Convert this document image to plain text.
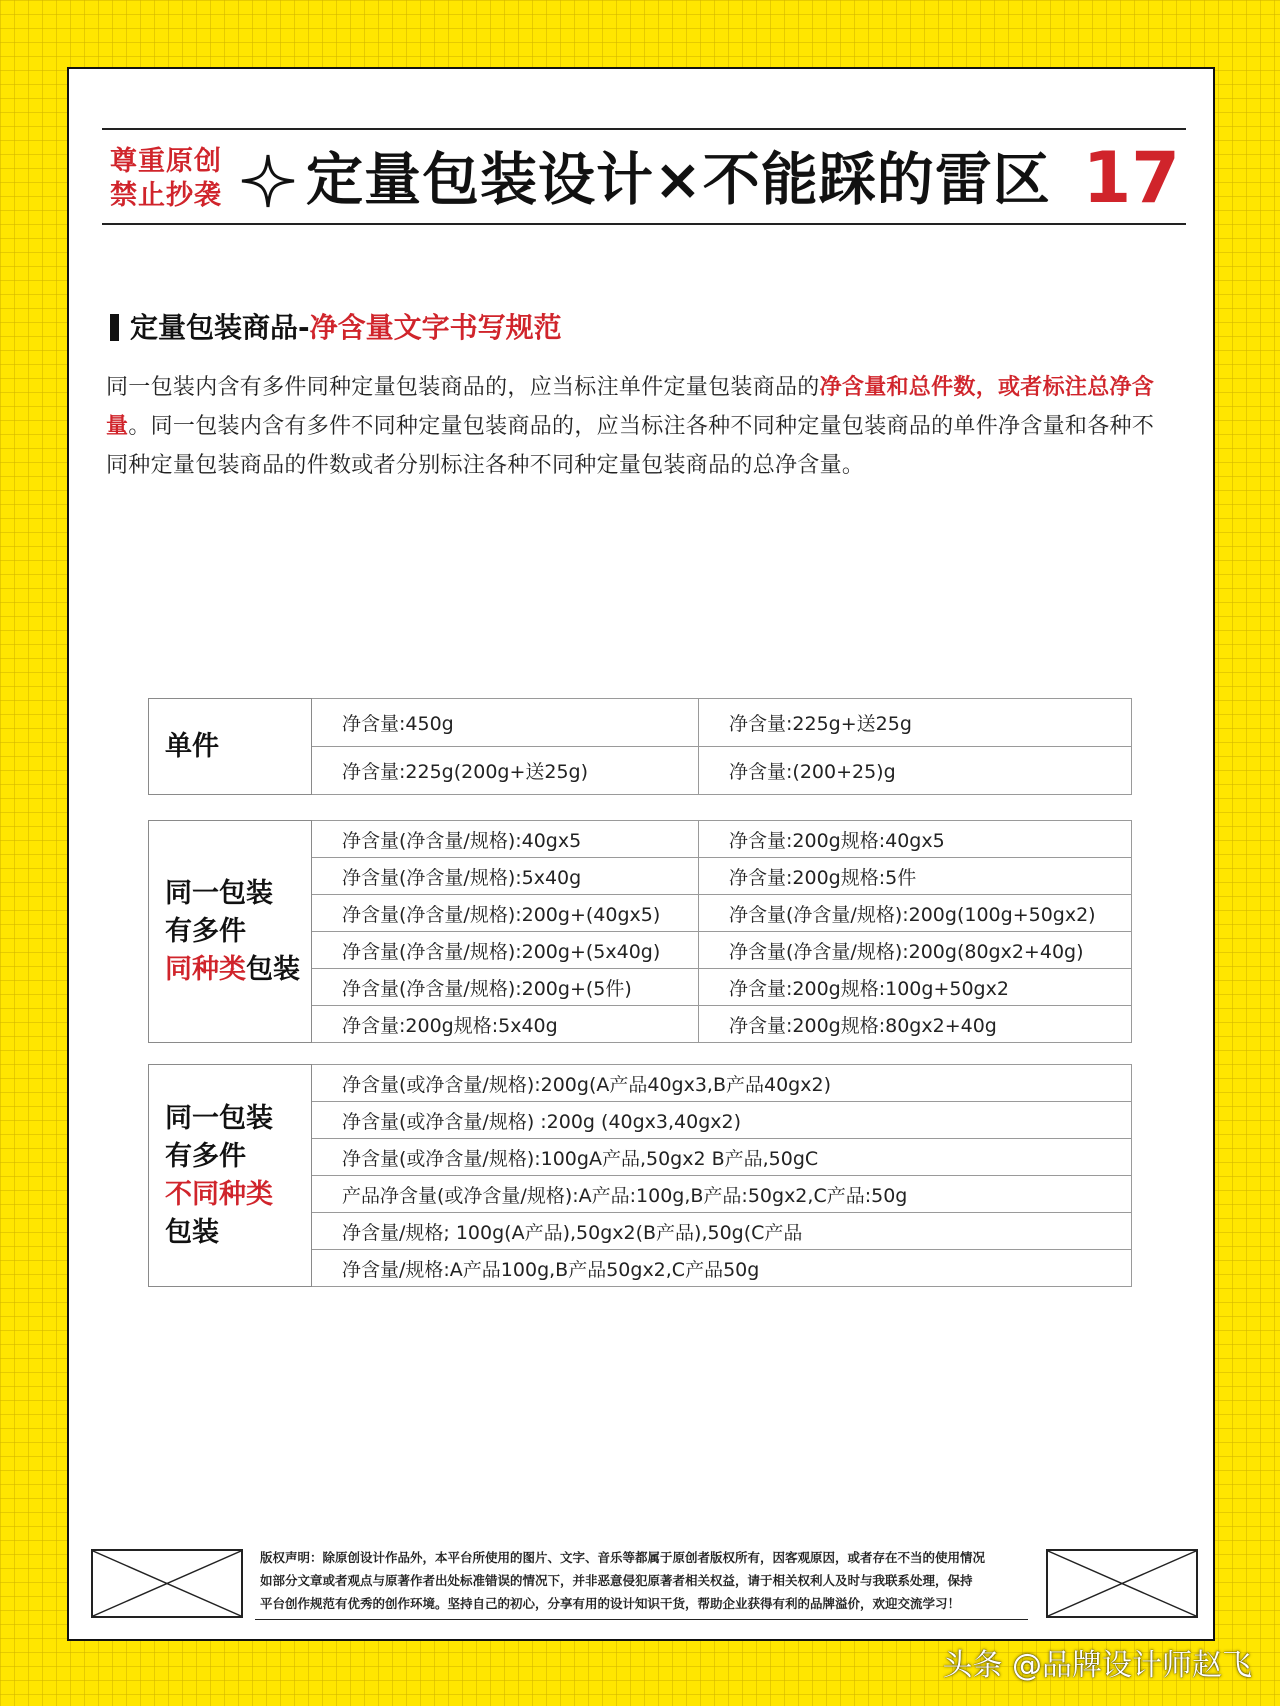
尊重原创
禁止抄袭 定量包装设计×不能踩的雷区 17
定量包装商品-净含量文字书写规范
同一包装内含有多件同种定量包装商品的，应当标注单件定量包装商品的净含量和总件数，或者标注总净含量。同一包装内含有多件不同种定量包装商品的，应当标注各种不同种定量包装商品的单件净含量和各种不同种定量包装商品的件数或者分别标注各种不同种定量包装商品的总净含量。
单件	净含量:450g	净含量:225g+送25g
	净含量:225g(200g+送25g)	净含量:(200+25)g
同一包装
有多件
同种类包装	净含量(净含量/规格):40gx5	净含量:200g规格:40gx5
	净含量(净含量/规格):5x40g	净含量:200g规格:5件
	净含量(净含量/规格):200g+(40gx5)	净含量(净含量/规格):200g(100g+50gx2)
	净含量(净含量/规格):200g+(5x40g)	净含量(净含量/规格):200g(80gx2+40g)
	净含量(净含量/规格):200g+(5件)	净含量:200g规格:100g+50gx2
	净含量:200g规格:5x40g	净含量:200g规格:80gx2+40g
同一包装
有多件
不同种类
包装
	净含量(或净含量/规格):200g(A产品40gx3,B产品40gx2)
净含量(或净含量/规格) :200g (40gx3,40gx2)
净含量(或净含量/规格):100gA产品,50gx2 B产品,50gC
产品净含量(或净含量/规格):A产品:100g,B产品:50gx2,C产品:50g
净含量/规格; 100g(A产品),50gx2(B产品),50g(C产品
净含量/规格:A产品100g,B产品50gx2,C产品50g
版权声明：除原创设计作品外，本平台所使用的图片、文字、音乐等都属于原创者版权所有，因客观原因，或者存在不当的使用情况
如部分文章或者观点与原著作者出处标准错误的情况下，并非恶意侵犯原著者相关权益，请于相关权利人及时与我联系处理，保持
平台创作规范有优秀的创作环境。坚持自己的初心，分享有用的设计知识干货，帮助企业获得有利的品牌溢价，欢迎交流学习！
头条 @品牌设计师赵飞
